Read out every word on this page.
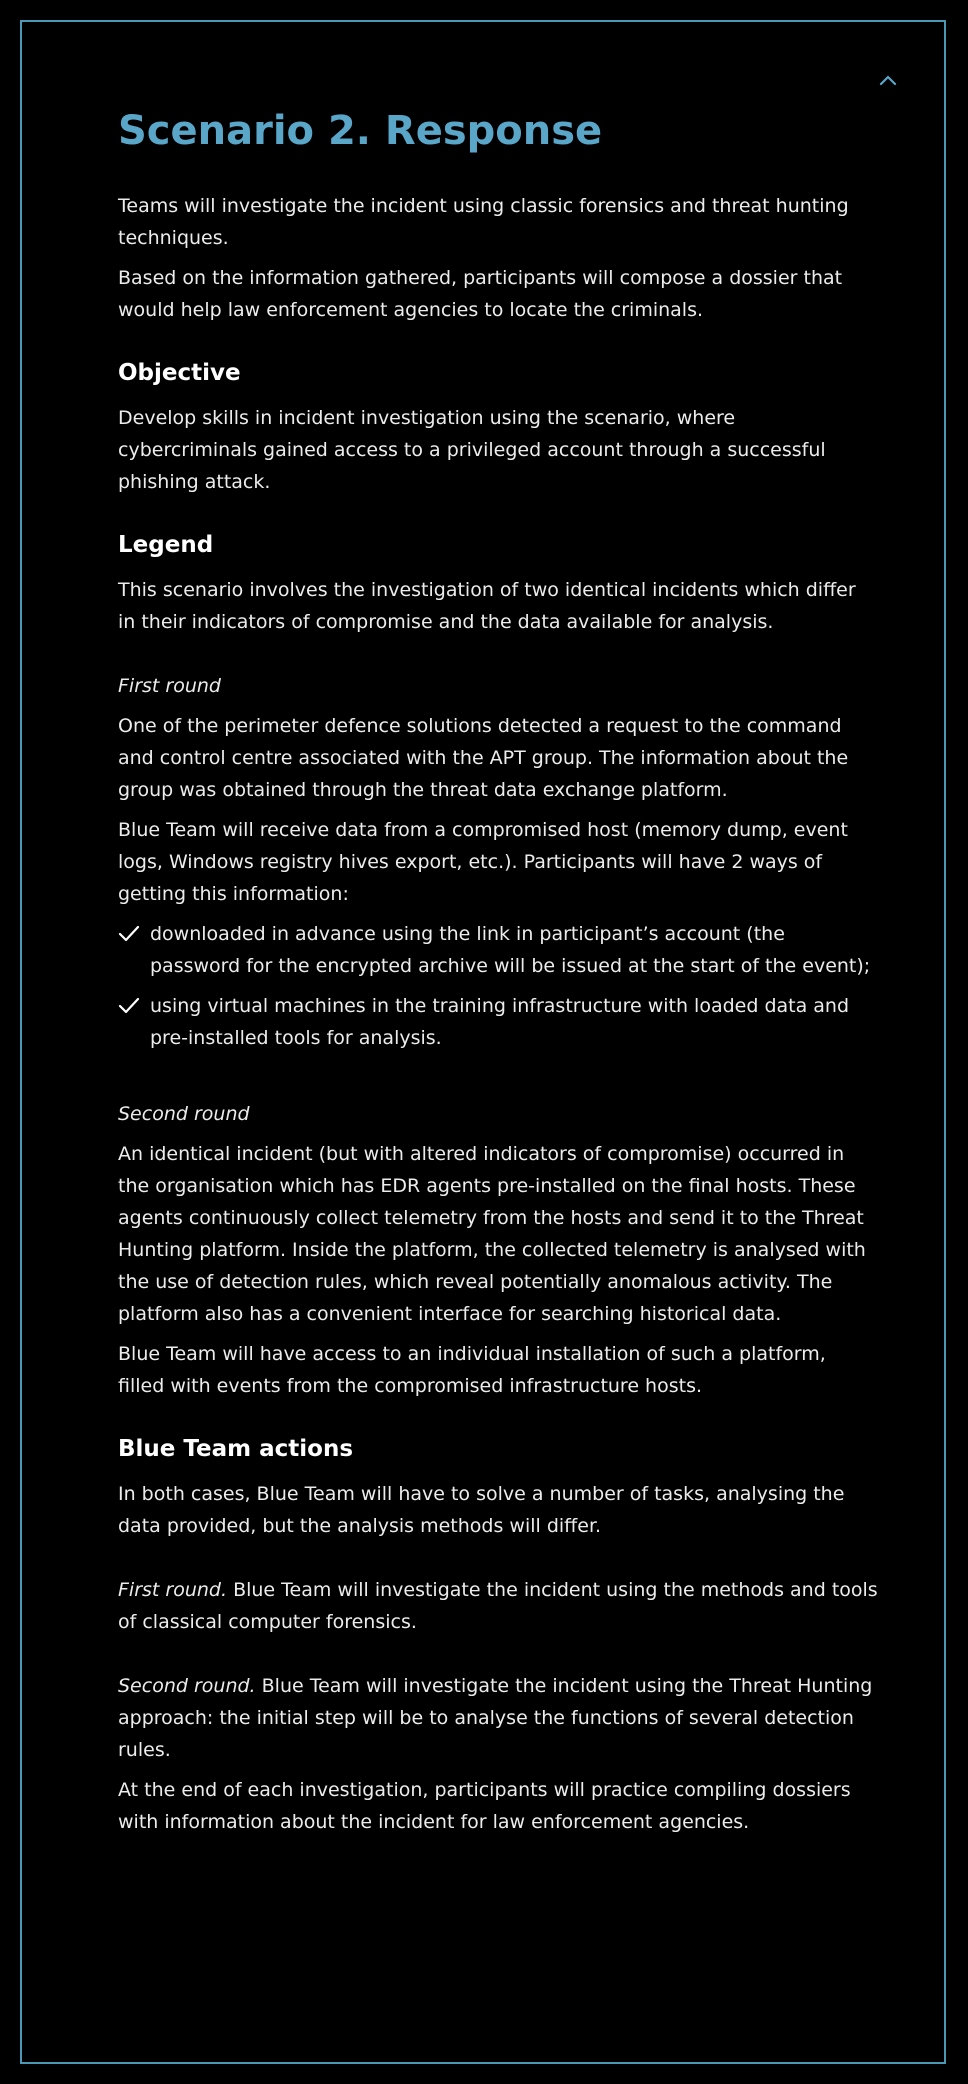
Scenario 2. Response

Teams will investigate the incident using classic forensics and threat hunting techniques.

Based on the information gathered, participants will compose a dossier that would help law enforcement agencies to locate the criminals.

Objective

Develop skills in incident investigation using the scenario, where cybercriminals gained access to a privileged account through a successful phishing attack.

Legend

This scenario involves the investigation of two identical incidents which differ in their indicators of compromise and the data available for analysis.

First round

One of the perimeter defence solutions detected a request to the command and control centre associated with the APT group. The information about the group was obtained through the threat data exchange platform.

Blue Team will receive data from a compromised host (memory dump, event logs, Windows registry hives export, etc.). Participants will have 2 ways of getting this information:

downloaded in advance using the link in participant’s account (the password for the encrypted archive will be issued at the start of the event);
using virtual machines in the training infrastructure with loaded data and pre-installed tools for analysis.
Second round

An identical incident (but with altered indicators of compromise) occurred in the organisation which has EDR agents pre-installed on the final hosts. These agents continuously collect telemetry from the hosts and send it to the Threat Hunting platform. Inside the platform, the collected telemetry is analysed with the use of detection rules, which reveal potentially anomalous activity. The platform also has a convenient interface for searching historical data.

Blue Team will have access to an individual installation of such a platform, filled with events from the compromised infrastructure hosts.

Blue Team actions

In both cases, Blue Team will have to solve a number of tasks, analysing the data provided, but the analysis methods will differ.

First round. Blue Team will investigate the incident using the methods and tools of classical computer forensics.

Second round. Blue Team will investigate the incident using the Threat Hunting approach: the initial step will be to analyse the functions of several detection rules.

At the end of each investigation, participants will practice compiling dossiers with information about the incident for law enforcement agencies.
